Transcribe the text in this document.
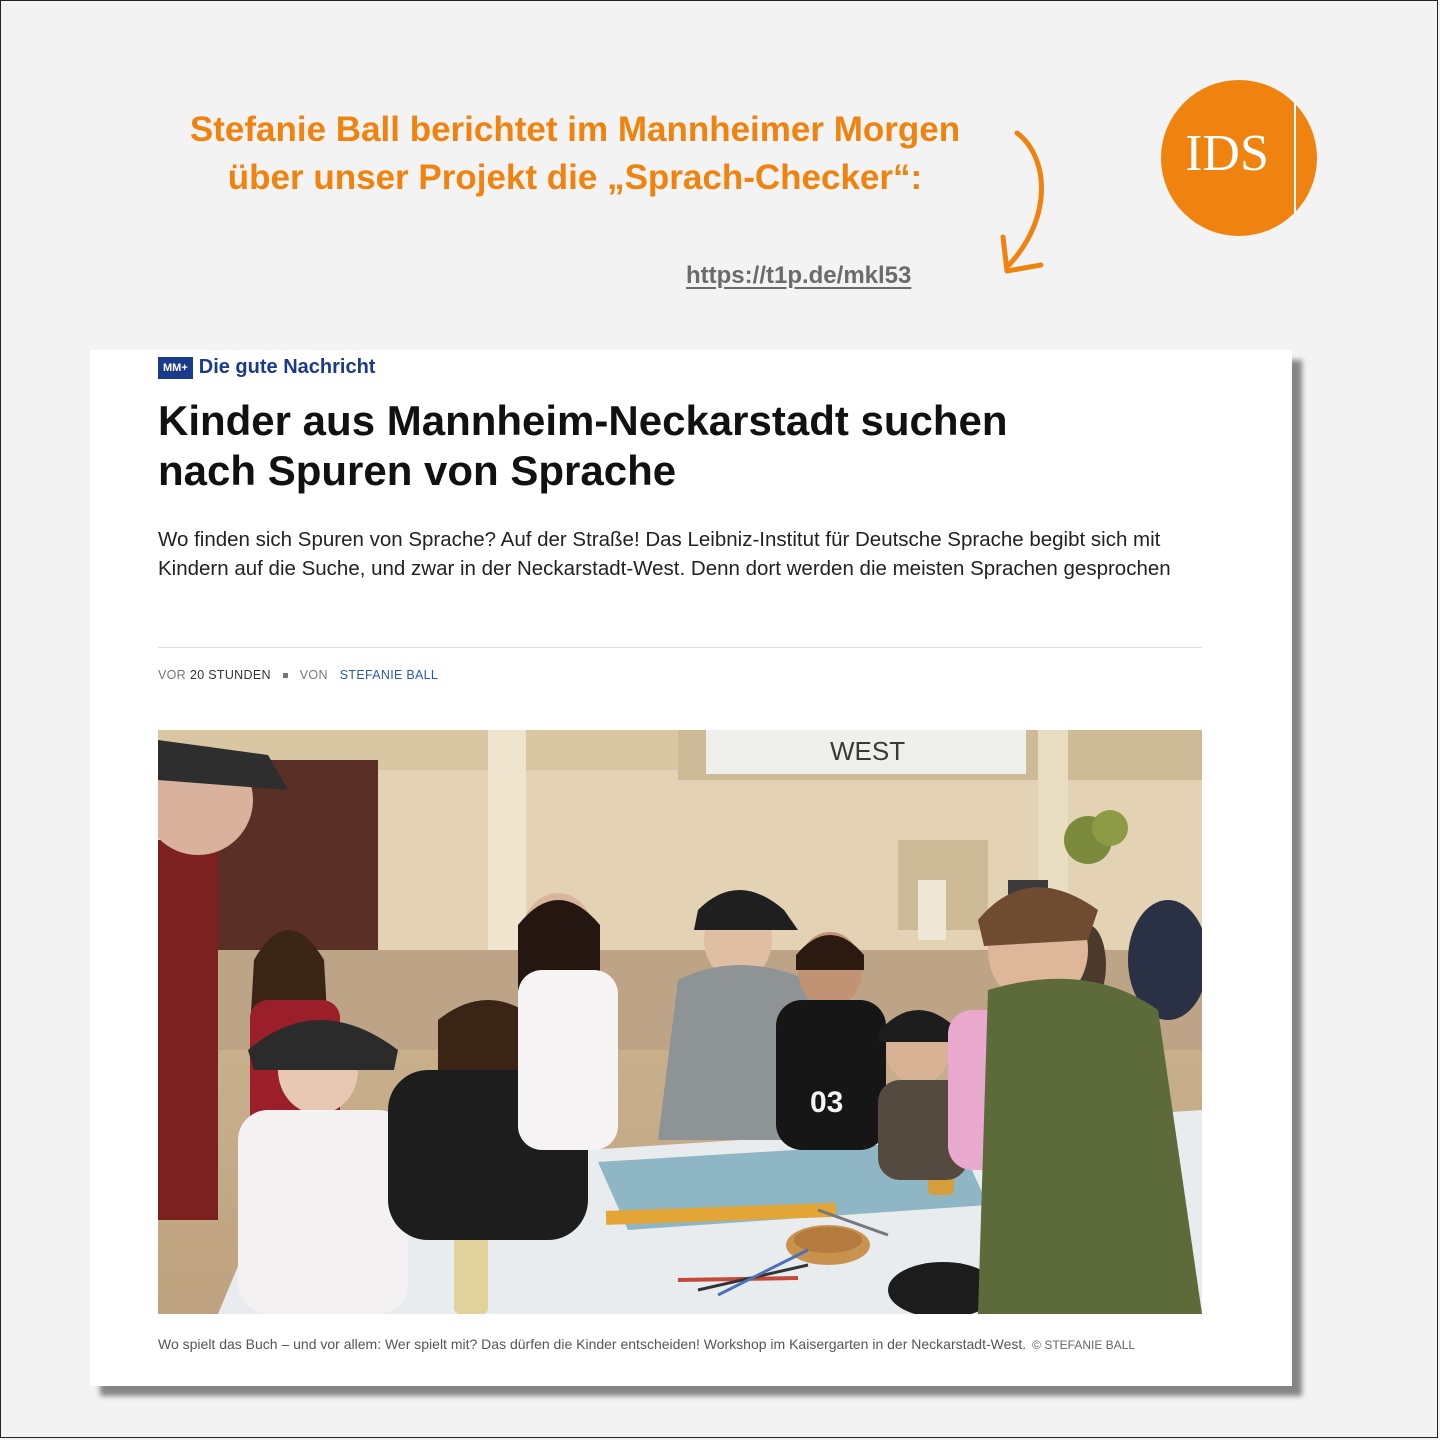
Stefanie Ball berichtet im Mannheimer Morgen
über unser Projekt die „Sprach-Checker“:	IDS
https://t1p.de/mkl53
MM+ Die gute Nachricht
Kinder aus Mannheim-Neckarstadt suchen
nach Spuren von Sprache

Wo finden sich Spuren von Sprache? Auf der Straße! Das Leibniz-Institut für Deutsche Sprache begibt sich mit Kindern auf die Suche, und zwar in der Neckarstadt-West. Denn dort werden die meisten Sprachen gesprochen

VOR 20 STUNDEN VON STEFANIE BALL
WEST
03

Wo spielt das Buch – und vor allem: Wer spielt mit? Das dürfen die Kinder entscheiden! Workshop im Kaisergarten in der Neckarstadt-West. © STEFANIE BALL
